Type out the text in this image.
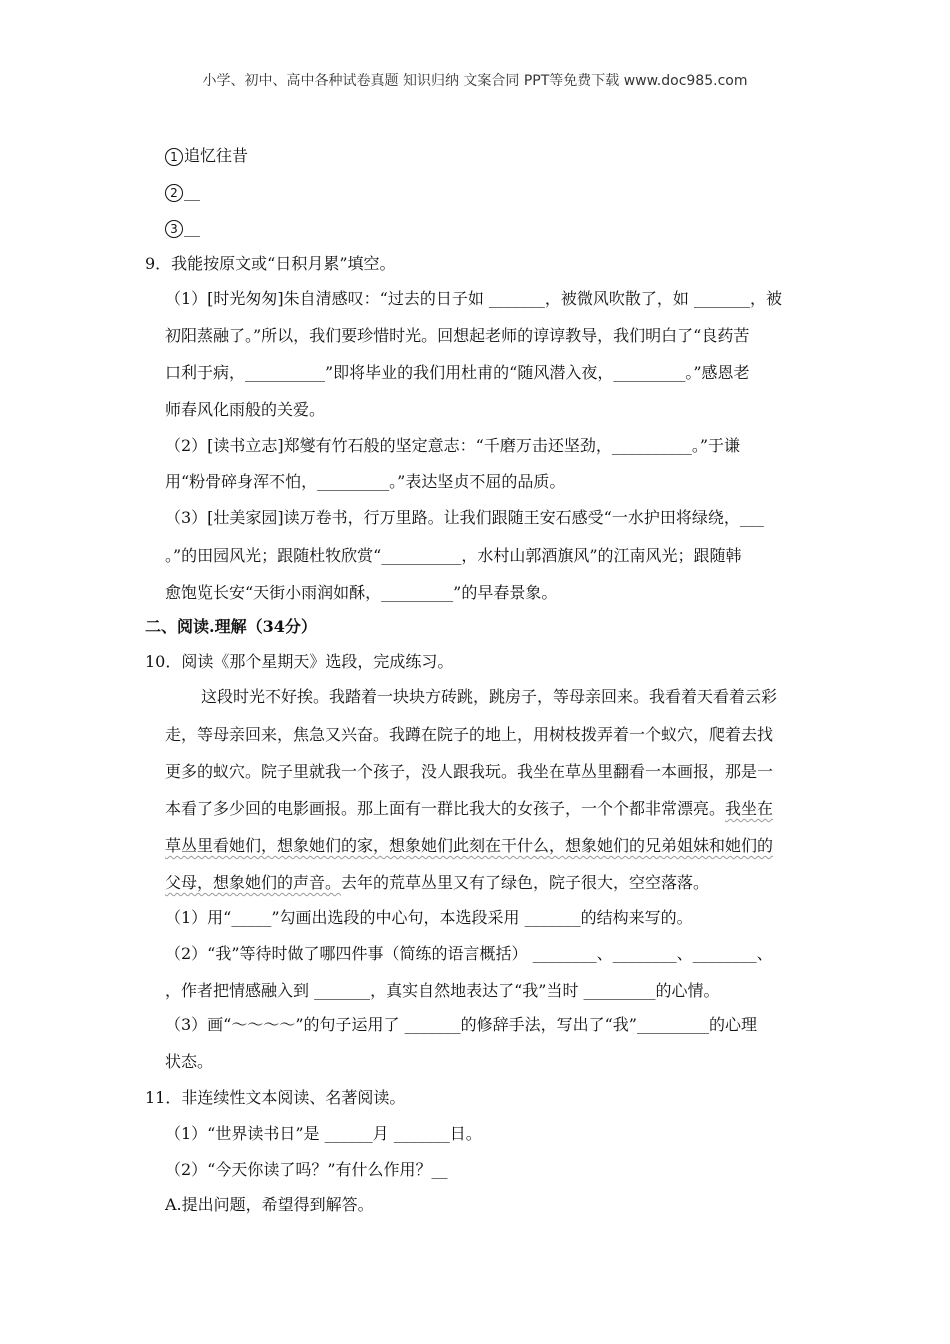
小学、初中、高中各种试卷真题 知识归纳 文案合同 PPT等免费下载 www.doc985.com
1 追忆往昔
2 __
3 __
9．我能按原文或“日积月累”填空。
（1）[时光匆匆]朱自清感叹：“过去的日子如 _______，被微风吹散了，如 _______，被
初阳蒸融了。”所以，我们要珍惜时光。回想起老师的谆谆教导，我们明白了“良药苦
口利于病，__________”即将毕业的我们用杜甫的“随风潜入夜，_________。”感恩老
师春风化雨般的关爱。
（2）[读书立志]郑燮有竹石般的坚定意志：“千磨万击还坚劲，__________。”于谦
用“粉骨碎身浑不怕，_________。”表达坚贞不屈的品质。
（3）[壮美家园]读万卷书，行万里路。让我们跟随王安石感受“一水护田将绿绕，___
。”的田园风光；跟随杜牧欣赏“__________，水村山郭酒旗风”的江南风光；跟随韩
愈饱览长安“天街小雨润如酥，_________”的早春景象。
二、阅读.理解（34分）
10．阅读《那个星期天》选段，完成练习。
这段时光不好挨。我踏着一块块方砖跳，跳房子，等母亲回来。我看着天看着云彩
走，等母亲回来，焦急又兴奋。我蹲在院子的地上，用树枝拨弄着一个蚁穴，爬着去找
更多的蚁穴。院子里就我一个孩子，没人跟我玩。我坐在草丛里翻看一本画报，那是一
本看了多少回的电影画报。那上面有一群比我大的女孩子，一个个都非常漂亮。我坐在
草丛里看她们，想象她们的家，想象她们此刻在干什么，想象她们的兄弟姐妹和她们的
父母，想象她们的声音。去年的荒草丛里又有了绿色，院子很大，空空落落。
（1）用“_____”勾画出选段的中心句，本选段采用 _______的结构来写的。
（2）“我”等待时做了哪四件事（简练的语言概括） ________、________、________、
，作者把情感融入到 _______，真实自然地表达了“我”当时 _________的心情。
（3）画“～～～～”的句子运用了 _______的修辞手法，写出了“我”_________的心理
状态。
11．非连续性文本阅读、名著阅读。
（1）“世界读书日”是 ______月 _______日。
（2）“今天你读了吗？”有什么作用？__
A.提出问题，希望得到解答。
